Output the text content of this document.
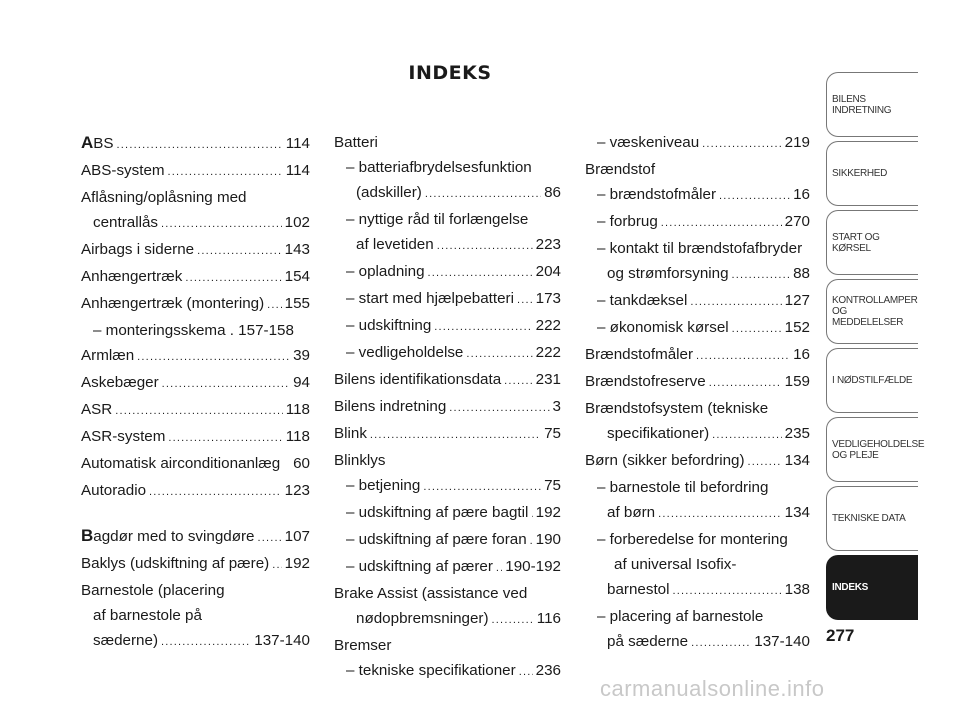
INDEKS
ABS .....	114
ABS-system .....	114
Aflåsning/oplåsning med
centrallås .....	102
Airbags i siderne .....	143
Anhængertræk .....	154
Anhængertræk (montering) ..... 155
– monteringsskema . 157-158
Armlæn .....	39
Askebæger .....	94
ASR .....	118
ASR-system .....	118
Automatisk airconditionanlæg 60
Autoradio .....	123
Bagdør med to svingdøre ..... 107
Baklys (udskiftning af pære) ..... 192
Barnestole (placering
af barnestole på
sæderne) .....	137-140
Batteri
– batteriafbrydelsesfunktion
(adskiller) .....	86
– nyttige råd til forlængelse
af levetiden .....	223
– opladning .....	204
– start med hjælpebatteri ..... 173
– udskiftning .....	222
– vedligeholdelse .....	222
Bilens identifikationsdata ..... 231
Bilens indretning .....	3
Blink .....	75
Blinklys
– betjening .....	75
– udskiftning af pære bagtil ..... 192
– udskiftning af pære foran ..... 190
– udskiftning af pærer ..... 190-192
Brake Assist (assistance ved
nødopbremsninger) .....	116
Bremser
– tekniske specifikationer ..... 236
– væskeniveau .....	219
Brændstof
– brændstofmåler .....	16
– forbrug .....	270
– kontakt til brændstofafbryder
og strømforsyning .....	88
– tankdæksel .....	127
– økonomisk kørsel .....	152
Brændstofmåler .....	16
Brændstofreserve .....	159
Brændstofsystem (tekniske
specifikationer) .....	235
Børn (sikker befordring) .....	134
– barnestole til befordring
af børn .....	134
– forberedelse for montering
af universal Isofix-
barnestol .....	138
– placering af barnestole
på sæderne .....	137-140
BILENS INDRETNING
SIKKERHED
START OG KØRSEL
KONTROLLAMPER OG MEDDELELSER
I NØDSTILFÆLDE
VEDLIGEHOLDELSE OG PLEJE
TEKNISKE DATA
INDEKS
277
carmanualsonline.info
